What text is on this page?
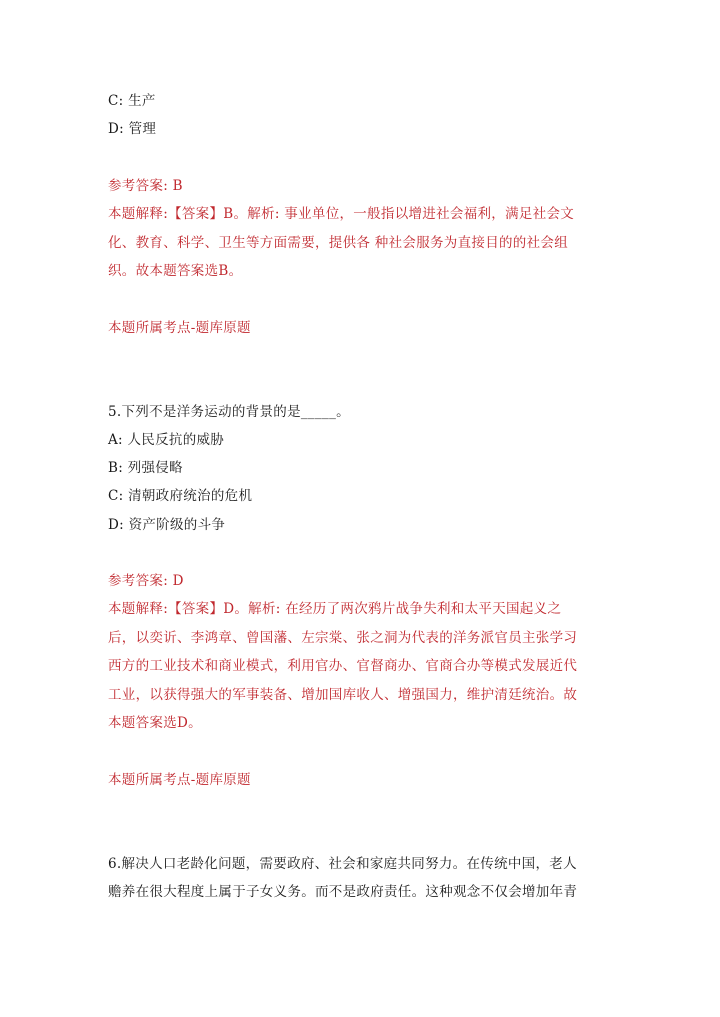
C: 生产
D: 管理
参考答案: B
本题解释:【答案】B。解析: 事业单位，一般指以增进社会福利，满足社会文
化、教育、科学、卫生等方面需要，提供各 种社会服务为直接目的的社会组
织。故本题答案选B。
本题所属考点-题库原题
5.下列不是洋务运动的背景的是_____。
A: 人民反抗的威胁
B: 列强侵略
C: 清朝政府统治的危机
D: 资产阶级的斗争
参考答案: D
本题解释:【答案】D。解析: 在经历了两次鸦片战争失利和太平天国起义之
后，以奕䜣、李鸿章、曾国藩、左宗棠、张之洞为代表的洋务派官员主张学习
西方的工业技术和商业模式，利用官办、官督商办、官商合办等模式发展近代
工业，以获得强大的军事装备、增加国库收人、增强国力，维护清廷统治。故
本题答案选D。
本题所属考点-题库原题
6.解决人口老龄化问题，需要政府、社会和家庭共同努力。在传统中国，老人
赡养在很大程度上属于子女义务。而不是政府责任。这种观念不仅会增加年青
